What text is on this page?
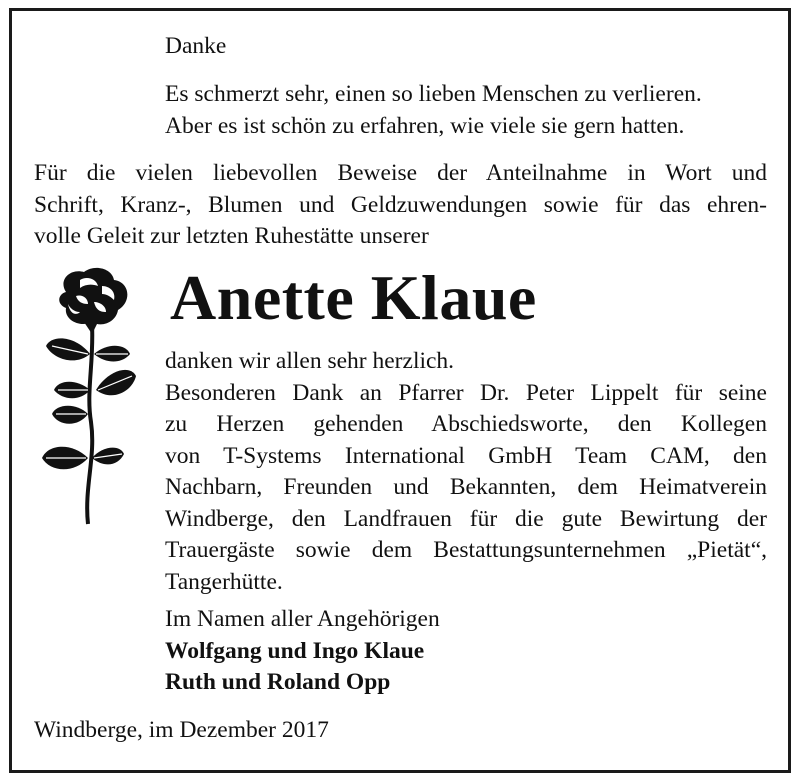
Danke
Es schmerzt sehr, einen so lieben Menschen zu verlieren.
Aber es ist schön zu erfahren, wie viele sie gern hatten.
Für die vielen liebevollen Beweise der Anteilnahme in Wort und
Schrift, Kranz-, Blumen und Geldzuwendungen sowie für das ehren-
volle Geleit zur letzten Ruhestätte unserer
Anette Klaue
danken wir allen sehr herzlich.
Besonderen Dank an Pfarrer Dr. Peter Lippelt für seine
zu Herzen gehenden Abschiedsworte, den Kollegen
von T-Systems International GmbH Team CAM, den
Nachbarn, Freunden und Bekannten, dem Heimatverein
Windberge, den Landfrauen für die gute Bewirtung der
Trauergäste sowie dem Bestattungsunternehmen „Pietät“,
Tangerhütte.
Im Namen aller Angehörigen
Wolfgang und Ingo Klaue
Ruth und Roland Opp
Windberge, im Dezember 2017
